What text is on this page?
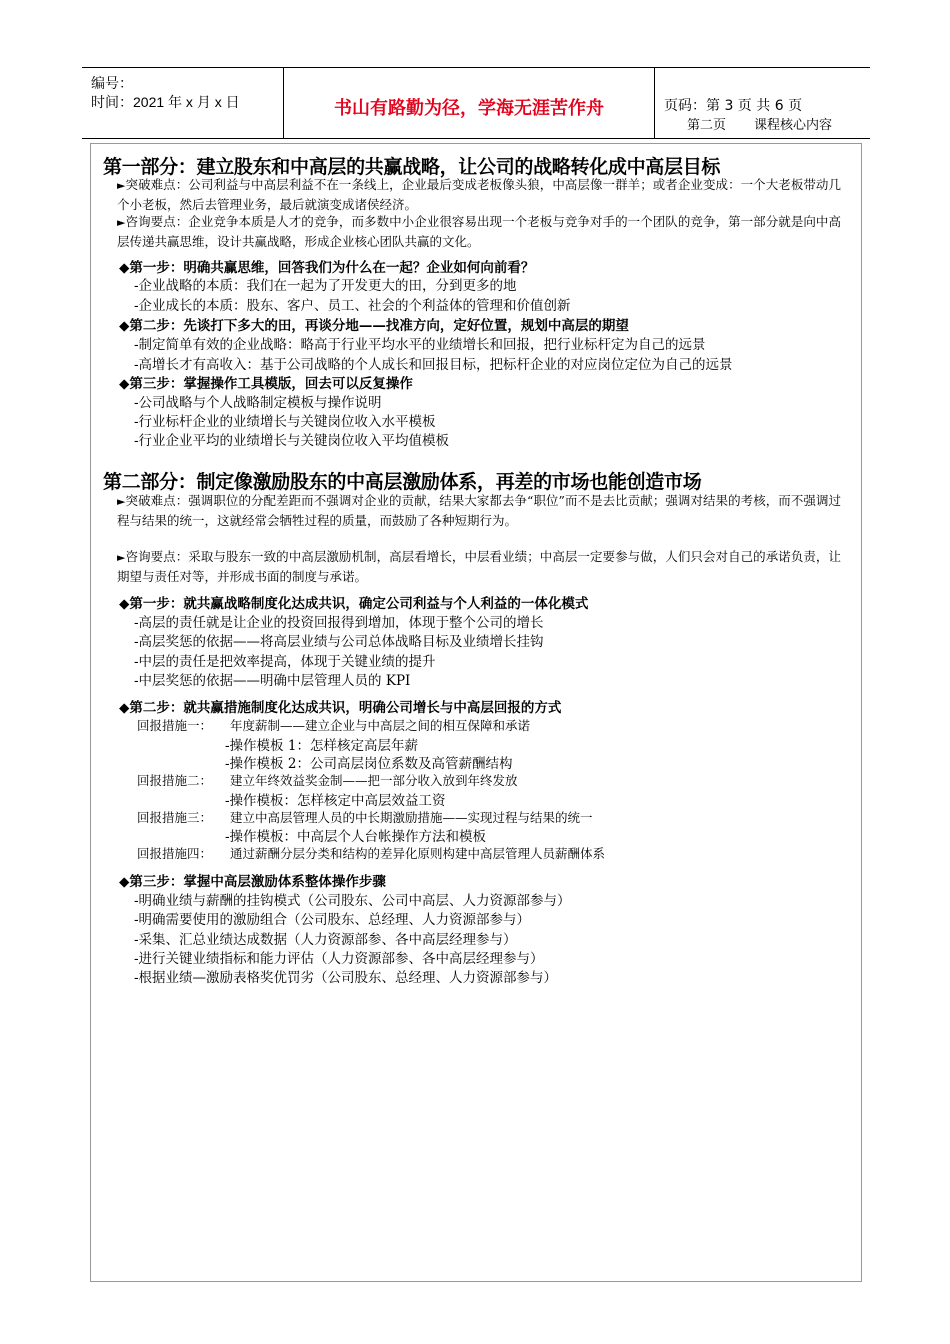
编号：
时间：2021 年 x 月 x 日	书山有路勤为径，学海无涯苦作舟	页码：第 3 页 共 6 页
第二页 课程核心内容
第一部分：建立股东和中高层的共赢战略，让公司的战略转化成中高层目标
►突破难点：公司利益与中高层利益不在一条线上，企业最后变成老板像头狼，中高层像一群羊；或者企业变成：一个大老板带动几个小老板，然后去管理业务，最后就演变成诸侯经济。
►咨询要点：企业竞争本质是人才的竞争，而多数中小企业很容易出现一个老板与竞争对手的一个团队的竞争，第一部分就是向中高层传递共赢思维，设计共赢战略，形成企业核心团队共赢的文化。
◆第一步：明确共赢思维，回答我们为什么在一起？企业如何向前看？
-企业战略的本质：我们在一起为了开发更大的田，分到更多的地
-企业成长的本质：股东、客户、员工、社会的个利益体的管理和价值创新
◆第二步：先谈打下多大的田，再谈分地——找准方向，定好位置，规划中高层的期望
-制定简单有效的企业战略：略高于行业平均水平的业绩增长和回报，把行业标杆定为自己的远景
-高增长才有高收入：基于公司战略的个人成长和回报目标，把标杆企业的对应岗位定位为自己的远景
◆第三步：掌握操作工具模版，回去可以反复操作
-公司战略与个人战略制定模板与操作说明
-行业标杆企业的业绩增长与关键岗位收入水平模板
-行业企业平均的业绩增长与关键岗位收入平均值模板
第二部分：制定像激励股东的中高层激励体系，再差的市场也能创造市场
►突破难点：强调职位的分配差距而不强调对企业的贡献，结果大家都去争“职位”而不是去比贡献；强调对结果的考核，而不强调过程与结果的统一，这就经常会牺牲过程的质量，而鼓励了各种短期行为。
►咨询要点：采取与股东一致的中高层激励机制，高层看增长，中层看业绩；中高层一定要参与做，人们只会对自己的承诺负责，让期望与责任对等，并形成书面的制度与承诺。
◆第一步：就共赢战略制度化达成共识，确定公司利益与个人利益的一体化模式
-高层的责任就是让企业的投资回报得到增加，体现于整个公司的增长
-高层奖惩的依据——将高层业绩与公司总体战略目标及业绩增长挂钩
-中层的责任是把效率提高，体现于关键业绩的提升
-中层奖惩的依据——明确中层管理人员的 KPI
◆第二步：就共赢措施制度化达成共识，明确公司增长与中高层回报的方式
回报措施一： 年度薪制——建立企业与中高层之间的相互保障和承诺
-操作模板 1：怎样核定高层年薪
-操作模板 2：公司高层岗位系数及高管薪酬结构
回报措施二： 建立年终效益奖金制——把一部分收入放到年终发放
-操作模板：怎样核定中高层效益工资
回报措施三： 建立中高层管理人员的中长期激励措施——实现过程与结果的统一
-操作模板：中高层个人台帐操作方法和模板
回报措施四： 通过薪酬分层分类和结构的差异化原则构建中高层管理人员薪酬体系
◆第三步：掌握中高层激励体系整体操作步骤
-明确业绩与薪酬的挂钩模式（公司股东、公司中高层、人力资源部参与）
-明确需要使用的激励组合（公司股东、总经理、人力资源部参与）
-采集、汇总业绩达成数据（人力资源部参、各中高层经理参与）
-进行关键业绩指标和能力评估（人力资源部参、各中高层经理参与）
-根据业绩—激励表格奖优罚劣（公司股东、总经理、人力资源部参与）
